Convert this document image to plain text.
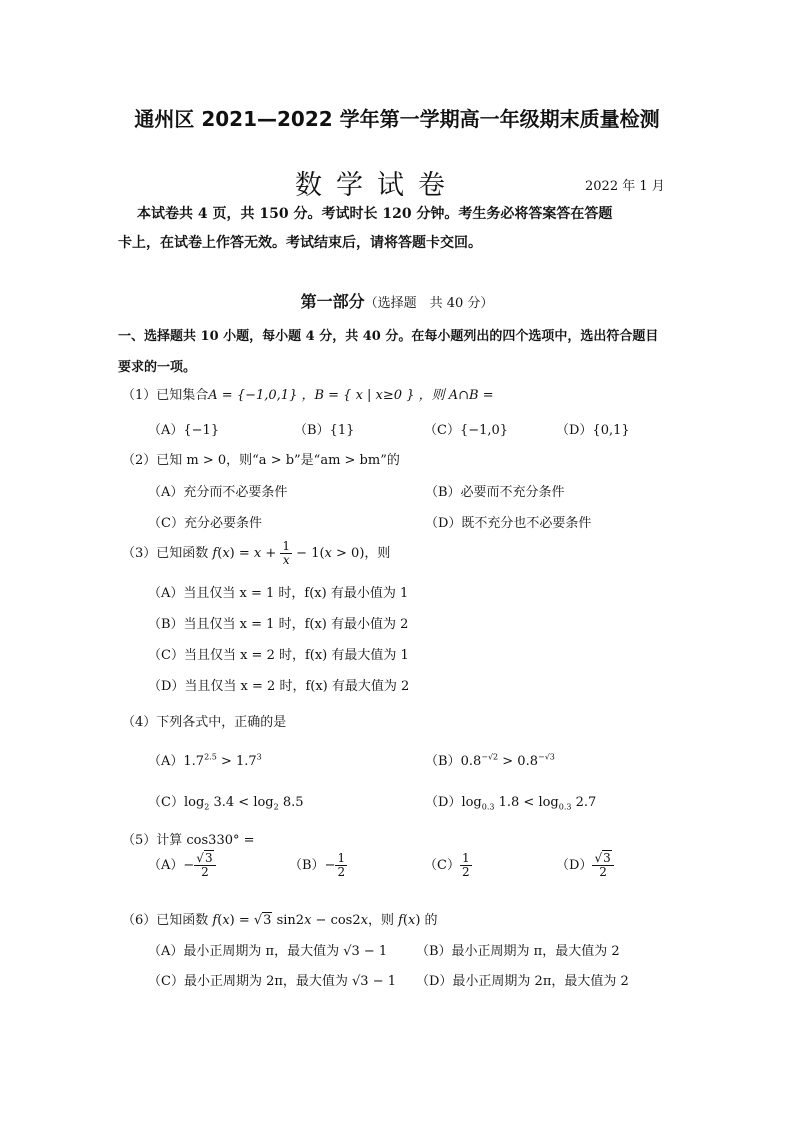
通州区 2021—2022 学年第一学期高一年级期末质量检测
数学试卷	2022 年 1 月
本试卷共 4 页，共 150 分。考试时长 120 分钟。考生务必将答案答在答题
卡上，在试卷上作答无效。考试结束后，请将答题卡交回。
第一部分（选择题　共 40 分）
一、选择题共 10 小题，每小题 4 分，共 40 分。在每小题列出的四个选项中，选出符合题目
要求的一项。
（1）已知集合A = {−1,0,1} ，B = { x | x≥0 } ，则 A∩B =
（A）{−1}	（B）{1}	（C）{−1,0}	（D）{0,1}
（2）已知 m > 0，则“a > b”是“am > bm”的
（A）充分而不必要条件	（B）必要而不充分条件
（C）充分必要条件	（D）既不充分也不必要条件
（3）已知函数 $f(x) = x + \frac{1}{x} - 1(x > 0)$，则
（A）当且仅当 x = 1 时，f(x) 有最小值为 1
（B）当且仅当 x = 1 时，f(x) 有最小值为 2
（C）当且仅当 x = 2 时，f(x) 有最大值为 1
（D）当且仅当 x = 2 时，f(x) 有最大值为 2
（4）下列各式中，正确的是
$(A)1.7^{2.5} > 1.7^3$	$(B)0.8^{-√2} > 0.8^{-√3}$
$(C)\log_2$ $3.4 < \log_2 8.5$	$(D)\log_{0.3}$ $1.8 < \log_{0.3} 2.7$
（5）计算 cos330° =
$(A)- \frac{√3}{2}$	$(B)- \frac{1}{2}$	$(C) \frac{1}{2}$	$(D) \frac{√3}{2}$
（6）已知函数 f(x) = √3 sin2x − cos2x，则 f(x) 的
（A）最小正周期为 π，最大值为 √3 − 1 （B）最小正周期为 π，最大值为 2
（C）最小正周期为 2π，最大值为 √3 − 1 （D）最小正周期为 2π，最大值为 2
